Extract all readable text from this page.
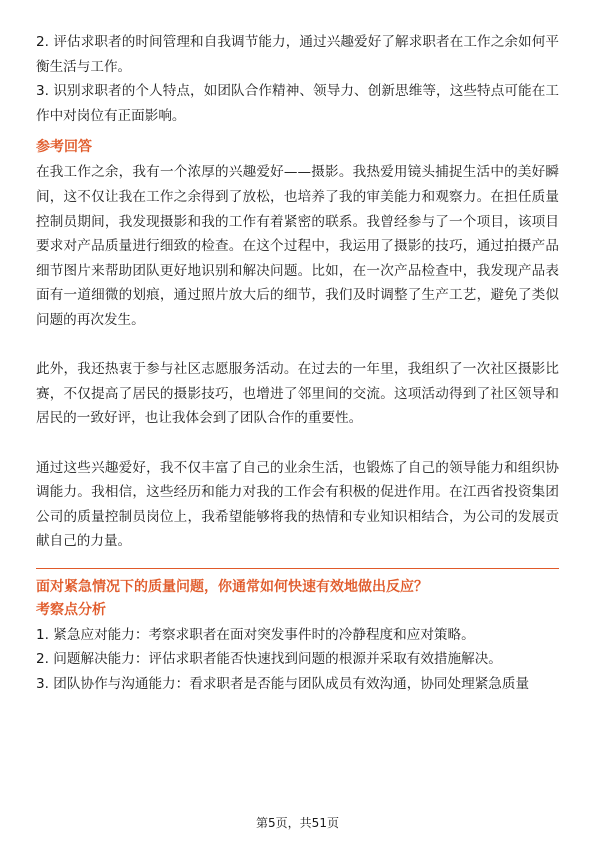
2. 评估求职者的时间管理和自我调节能力，通过兴趣爱好了解求职者在工作之余如何平衡生活与工作。

3. 识别求职者的个人特点，如团队合作精神、领导力、创新思维等，这些特点可能在工作中对岗位有正面影响。

参考回答

在我工作之余，我有一个浓厚的兴趣爱好——摄影。我热爱用镜头捕捉生活中的美好瞬间，这不仅让我在工作之余得到了放松，也培养了我的审美能力和观察力。在担任质量控制员期间，我发现摄影和我的工作有着紧密的联系。我曾经参与了一个项目，该项目要求对产品质量进行细致的检查。在这个过程中，我运用了摄影的技巧，通过拍摄产品细节图片来帮助团队更好地识别和解决问题。比如，在一次产品检查中，我发现产品表面有一道细微的划痕，通过照片放大后的细节，我们及时调整了生产工艺，避免了类似问题的再次发生。

此外，我还热衷于参与社区志愿服务活动。在过去的一年里，我组织了一次社区摄影比赛，不仅提高了居民的摄影技巧，也增进了邻里间的交流。这项活动得到了社区领导和居民的一致好评，也让我体会到了团队合作的重要性。

通过这些兴趣爱好，我不仅丰富了自己的业余生活，也锻炼了自己的领导能力和组织协调能力。我相信，这些经历和能力对我的工作会有积极的促进作用。在江西省投资集团公司的质量控制员岗位上，我希望能够将我的热情和专业知识相结合，为公司的发展贡献自己的力量。

面对紧急情况下的质量问题，你通常如何快速有效地做出反应？
考察点分析

1. 紧急应对能力：考察求职者在面对突发事件时的冷静程度和应对策略。

2. 问题解决能力：评估求职者能否快速找到问题的根源并采取有效措施解决。

3. 团队协作与沟通能力：看求职者是否能与团队成员有效沟通，协同处理紧急质量

第5页，共51页
